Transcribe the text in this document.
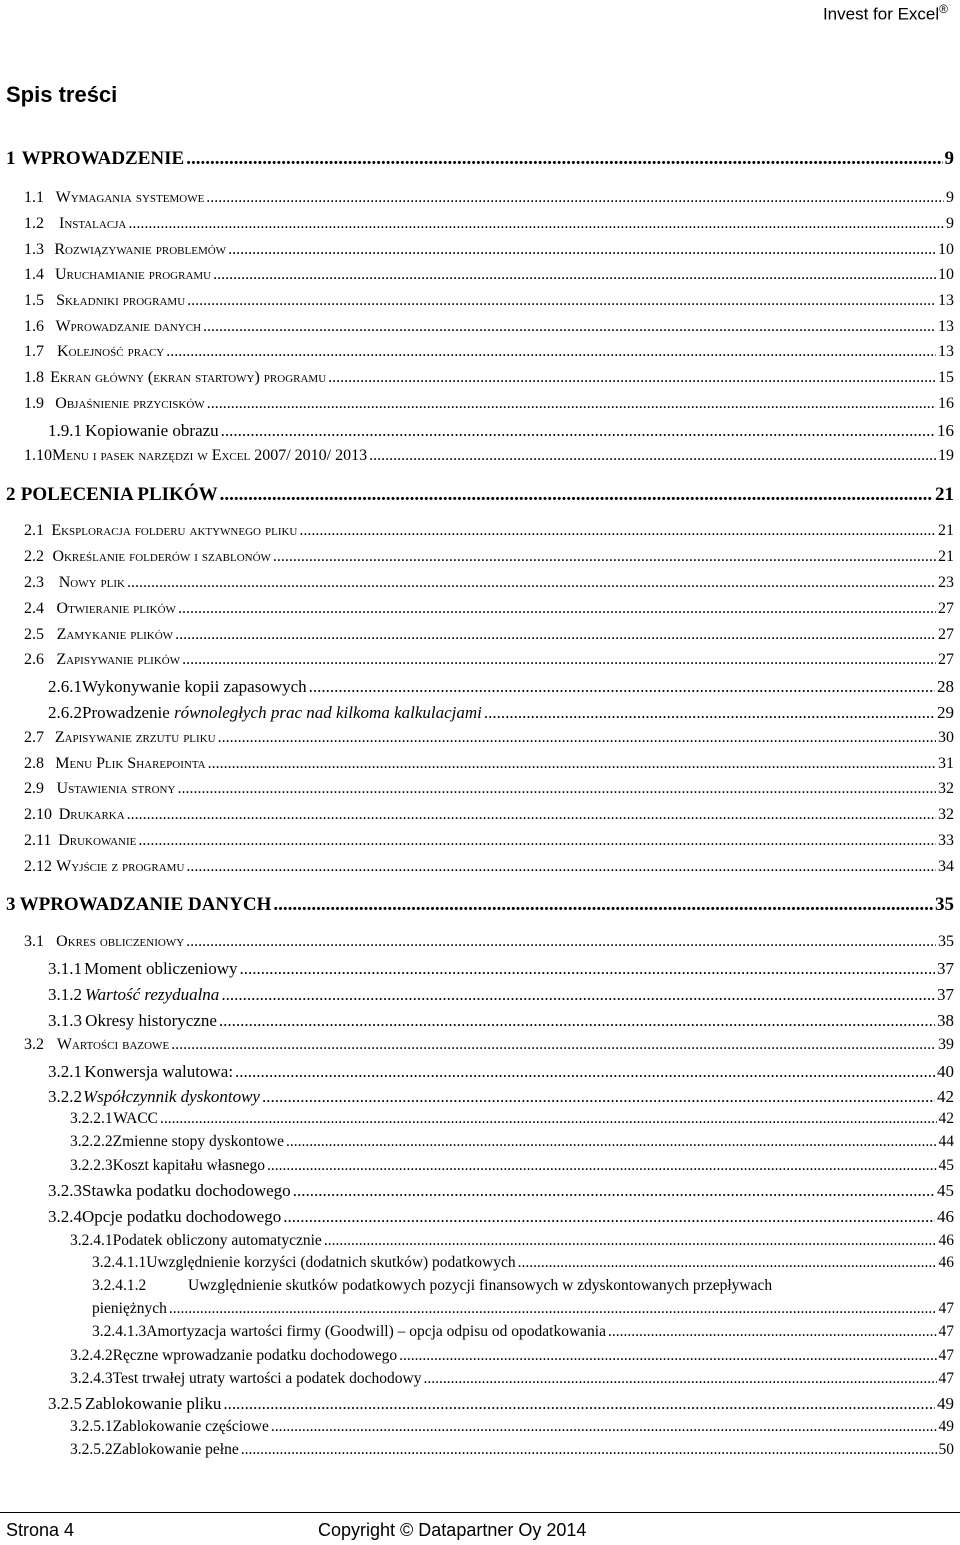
Invest for Excel®
Spis treści
1 WPROWADZENIE .....	9
1.1 Wymagania systemowe .....	9
1.2 Instalacja .....	9
1.3 Rozwiązywanie problemów .....	10
1.4 Uruchamianie programu .....	10
1.5 Składniki programu .....	13
1.6 Wprowadzanie danych .....	13
1.7 Kolejność pracy .....	13
1.8 Ekran główny (ekran startowy) programu .....	15
1.9 Objaśnienie przycisków .....	16
1.9.1 Kopiowanie obrazu .....	16
1.10 Menu i pasek narzędzi w Excel 2007/ 2010/ 2013 .....	19
2 POLECENIA PLIKÓW .....	21
2.1 Eksploracja folderu aktywnego pliku .....	21
2.2 Określanie folderów i szablonów .....	21
2.3 Nowy plik .....	23
2.4 Otwieranie plików .....	27
2.5 Zamykanie plików .....	27
2.6 Zapisywanie plików .....	27
2.6.1 Wykonywanie kopii zapasowych .....	28
2.6.2 Prowadzenie równoległych prac nad kilkoma kalkulacjami .....	29
2.7 Zapisywanie zrzutu pliku .....	30
2.8 Menu Plik Sharepointa .....	31
2.9 Ustawienia strony .....	32
2.10 Drukarka .....	32
2.11 Drukowanie .....	33
2.12 Wyjście z programu .....	34
3 WPROWADZANIE DANYCH .....	35
3.1 Okres obliczeniowy .....	35
3.1.1 Moment obliczeniowy .....	37
3.1.2 Wartość rezydualna .....	37
3.1.3 Okresy historyczne .....	38
3.2 Wartości bazowe .....	39
3.2.1 Konwersja walutowa: .....	40
3.2.2 Współczynnik dyskontowy .....	42
3.2.2.1 WACC .....	42
3.2.2.2 Zmienne stopy dyskontowe .....	44
3.2.2.3 Koszt kapitału własnego .....	45
3.2.3 Stawka podatku dochodowego .....	45
3.2.4 Opcje podatku dochodowego .....	46
3.2.4.1 Podatek obliczony automatycznie .....	46
3.2.4.1.1 Uwzględnienie korzyści (dodatnich skutków) podatkowych .....	46
3.2.4.1.2	Uwzględnienie skutków podatkowych pozycji finansowych w zdyskontowanych przepływach
pieniężnych .....	47
3.2.4.1.3 Amortyzacja wartości firmy (Goodwill) – opcja odpisu od opodatkowania .....	47
3.2.4.2 Ręczne wprowadzanie podatku dochodowego .....	47
3.2.4.3 Test trwałej utraty wartości a podatek dochodowy .....	47
3.2.5 Zablokowanie pliku .....	49
3.2.5.1 Zablokowanie częściowe .....	49
3.2.5.2 Zablokowanie pełne .....	50
Strona 4	Copyright © Datapartner Oy 2014
